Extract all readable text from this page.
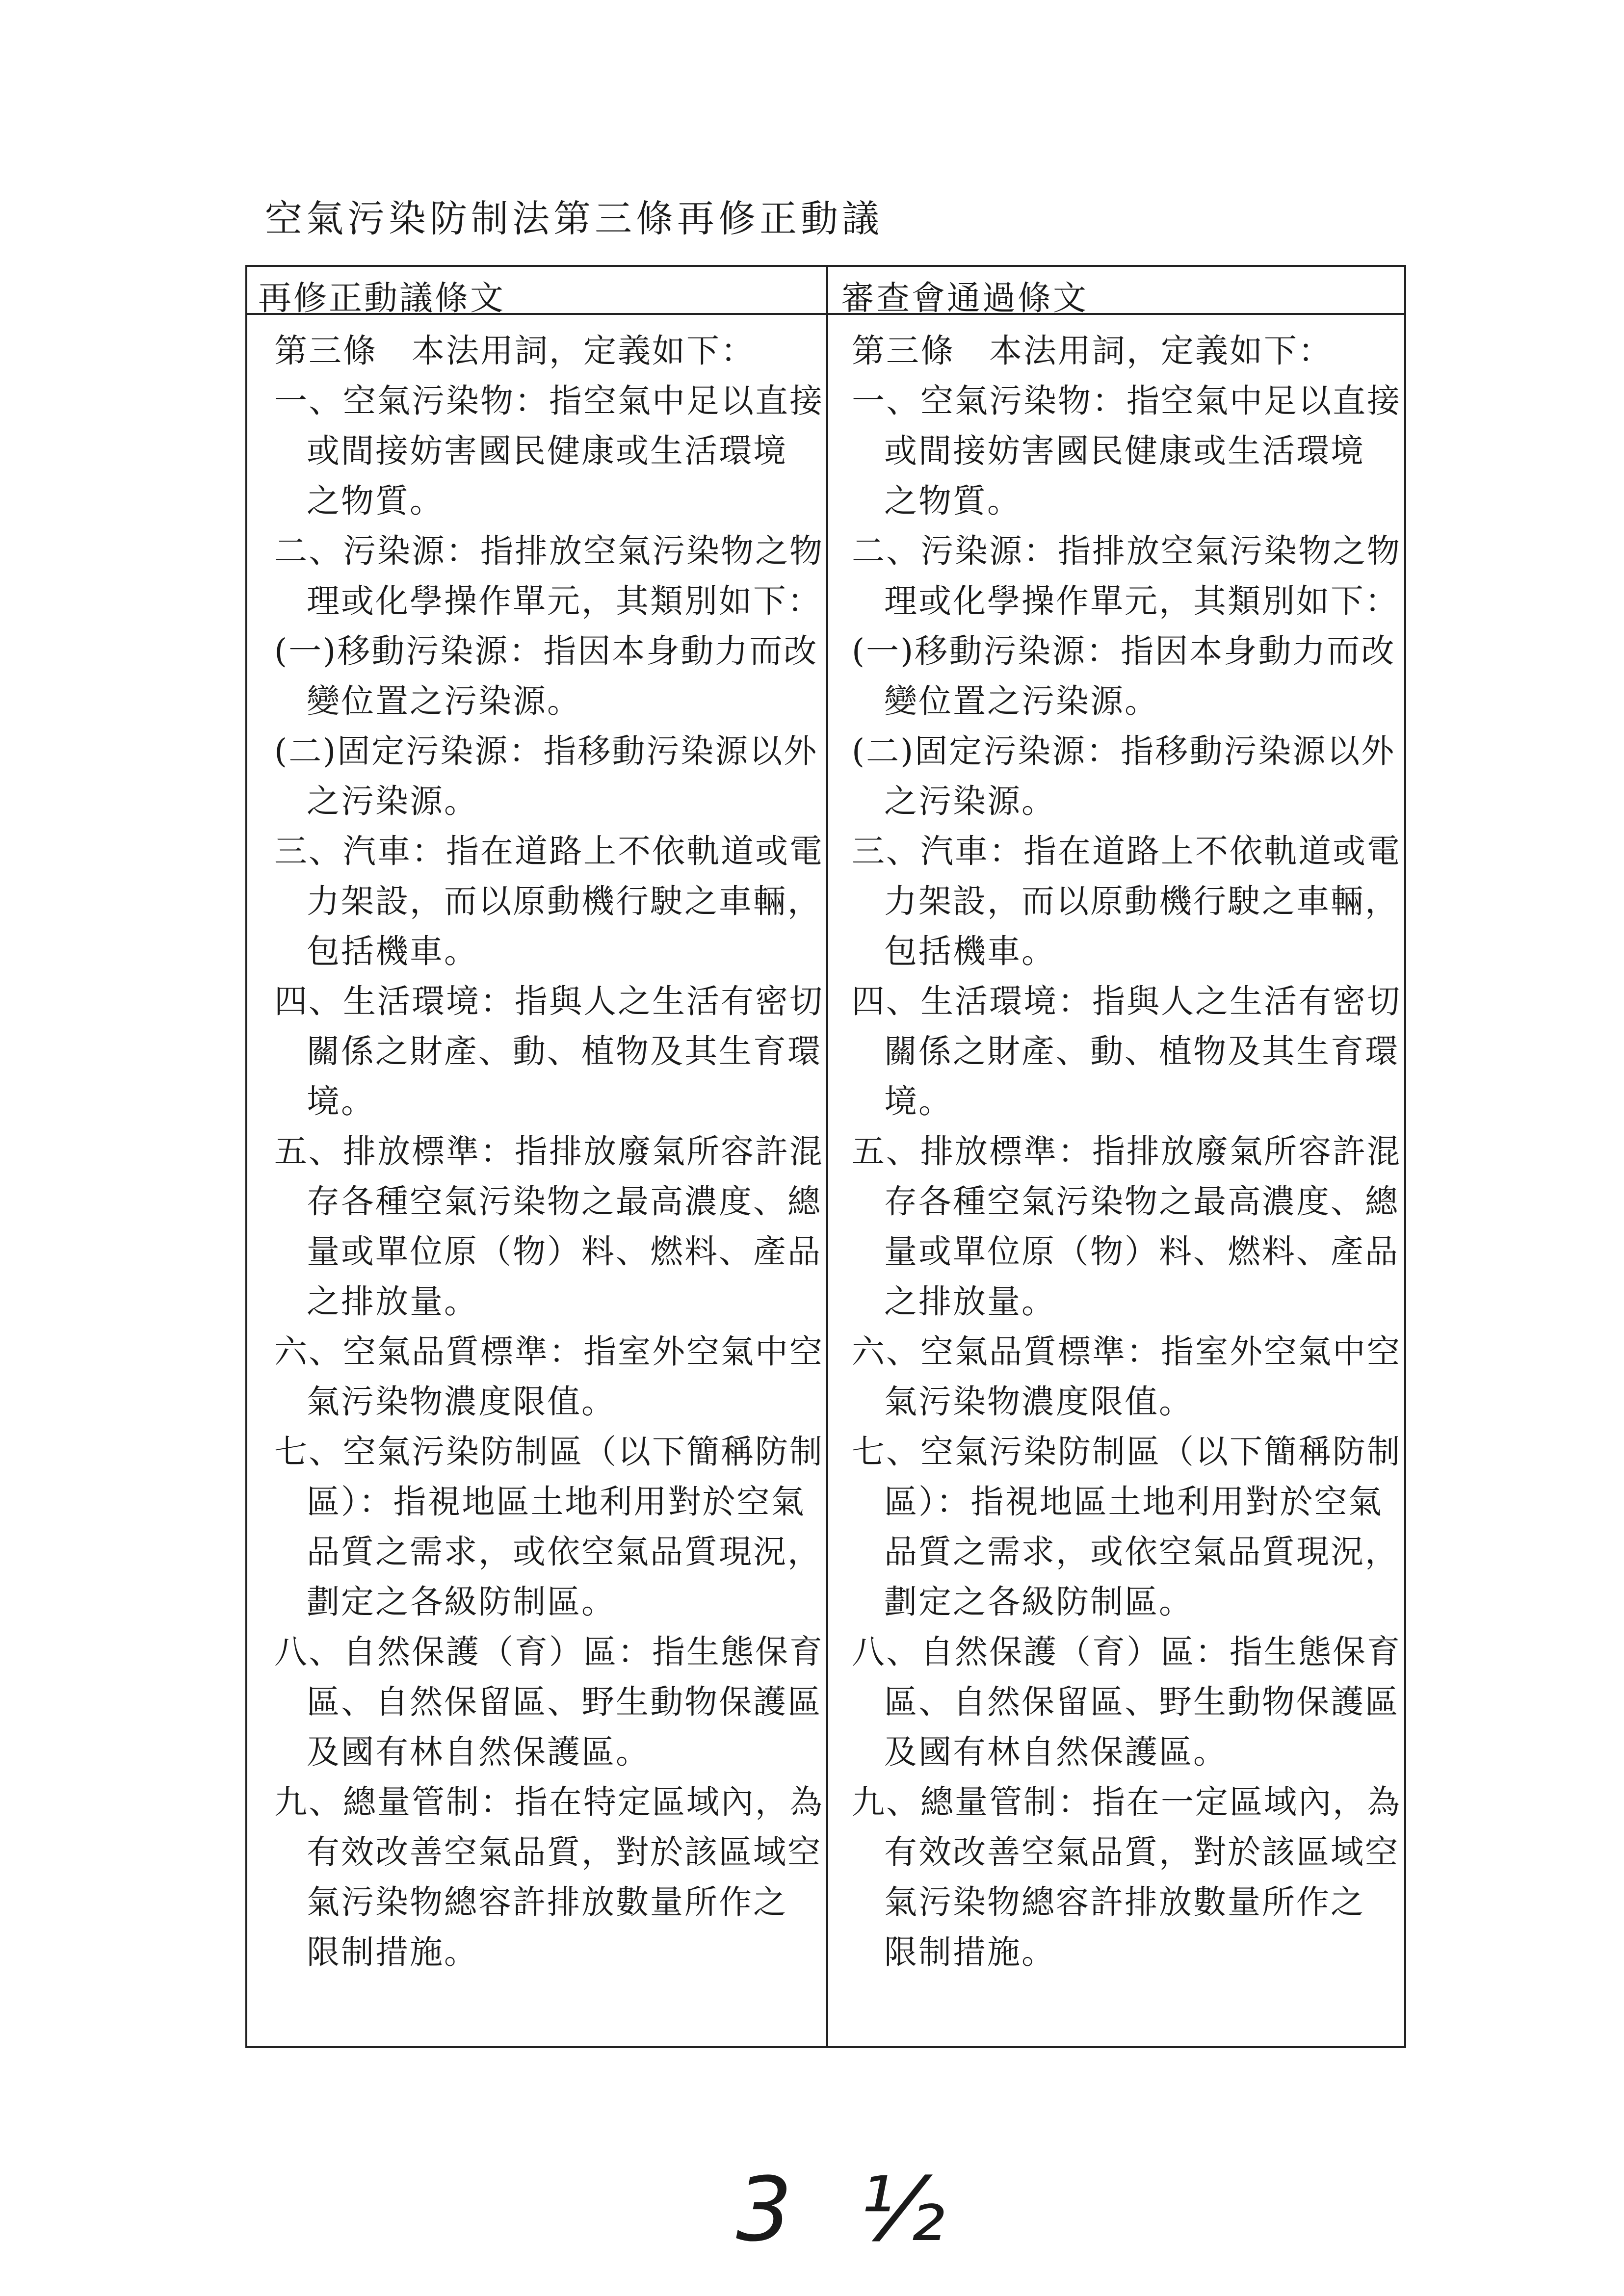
空氣污染防制法第三條再修正動議
再修正動議條文	審查會通過條文
第三條　本法用詞，定義如下：
一、空氣污染物：指空氣中足以直接
或間接妨害國民健康或生活環境
之物質。
二、污染源：指排放空氣污染物之物
理或化學操作單元，其類別如下：
(一)移動污染源：指因本身動力而改
變位置之污染源。
(二)固定污染源：指移動污染源以外
之污染源。
三、汽車：指在道路上不依軌道或電
力架設，而以原動機行駛之車輛，
包括機車。
四、生活環境：指與人之生活有密切
關係之財產、動、植物及其生育環
境。
五、排放標準：指排放廢氣所容許混
存各種空氣污染物之最高濃度、總
量或單位原（物）料、燃料、產品
之排放量。
六、空氣品質標準：指室外空氣中空
氣污染物濃度限值。
七、空氣污染防制區（以下簡稱防制
區）：指視地區土地利用對於空氣
品質之需求，或依空氣品質現況，
劃定之各級防制區。
八、自然保護（育）區：指生態保育
區、自然保留區、野生動物保護區
及國有林自然保護區。
九、總量管制：指在特定區域內，為
有效改善空氣品質，對於該區域空
氣污染物總容許排放數量所作之
限制措施。
第三條　本法用詞，定義如下：
一、空氣污染物：指空氣中足以直接
或間接妨害國民健康或生活環境
之物質。
二、污染源：指排放空氣污染物之物
理或化學操作單元，其類別如下：
(一)移動污染源：指因本身動力而改
變位置之污染源。
(二)固定污染源：指移動污染源以外
之污染源。
三、汽車：指在道路上不依軌道或電
力架設，而以原動機行駛之車輛，
包括機車。
四、生活環境：指與人之生活有密切
關係之財產、動、植物及其生育環
境。
五、排放標準：指排放廢氣所容許混
存各種空氣污染物之最高濃度、總
量或單位原（物）料、燃料、產品
之排放量。
六、空氣品質標準：指室外空氣中空
氣污染物濃度限值。
七、空氣污染防制區（以下簡稱防制
區）：指視地區土地利用對於空氣
品質之需求，或依空氣品質現況，
劃定之各級防制區。
八、自然保護（育）區：指生態保育
區、自然保留區、野生動物保護區
及國有林自然保護區。
九、總量管制：指在一定區域內，為
有效改善空氣品質，對於該區域空
氣污染物總容許排放數量所作之
限制措施。
3 ½
